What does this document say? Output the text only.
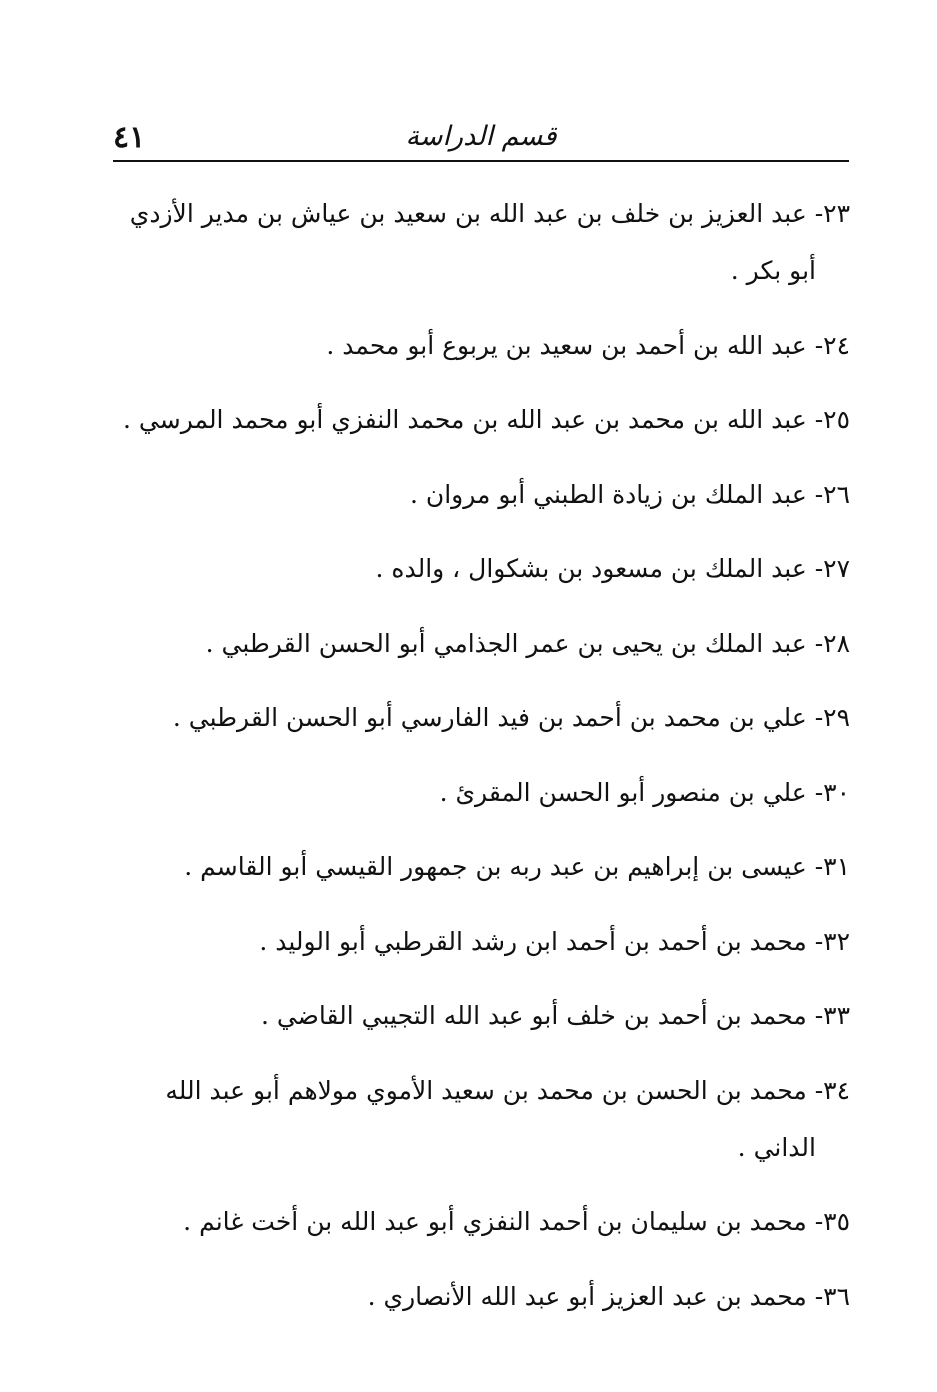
٤١	قسم الدراسة
٢٣- عبد العزيز بن خلف بن عبد الله بن سعيد بن عياش بن مدير الأزدي
أبو بكر .
٢٤- عبد الله بن أحمد بن سعيد بن يربوع أبو محمد .
٢٥- عبد الله بن محمد بن عبد الله بن محمد النفزي أبو محمد المرسي .
٢٦- عبد الملك بن زيادة الطبني أبو مروان .
٢٧- عبد الملك بن مسعود بن بشكوال ، والده .
٢٨- عبد الملك بن يحيى بن عمر الجذامي أبو الحسن القرطبي .
٢٩- علي بن محمد بن أحمد بن فيد الفارسي أبو الحسن القرطبي .
٣٠- علي بن منصور أبو الحسن المقرئ .
٣١- عيسى بن إبراهيم بن عبد ربه بن جمهور القيسي أبو القاسم .
٣٢- محمد بن أحمد بن أحمد ابن رشد القرطبي أبو الوليد .
٣٣- محمد بن أحمد بن خلف أبو عبد الله التجيبي القاضي .
٣٤- محمد بن الحسن بن محمد بن سعيد الأموي مولاهم أبو عبد الله
الداني .
٣٥- محمد بن سليمان بن أحمد النفزي أبو عبد الله بن أخت غانم .
٣٦- محمد بن عبد العزيز أبو عبد الله الأنصاري .
